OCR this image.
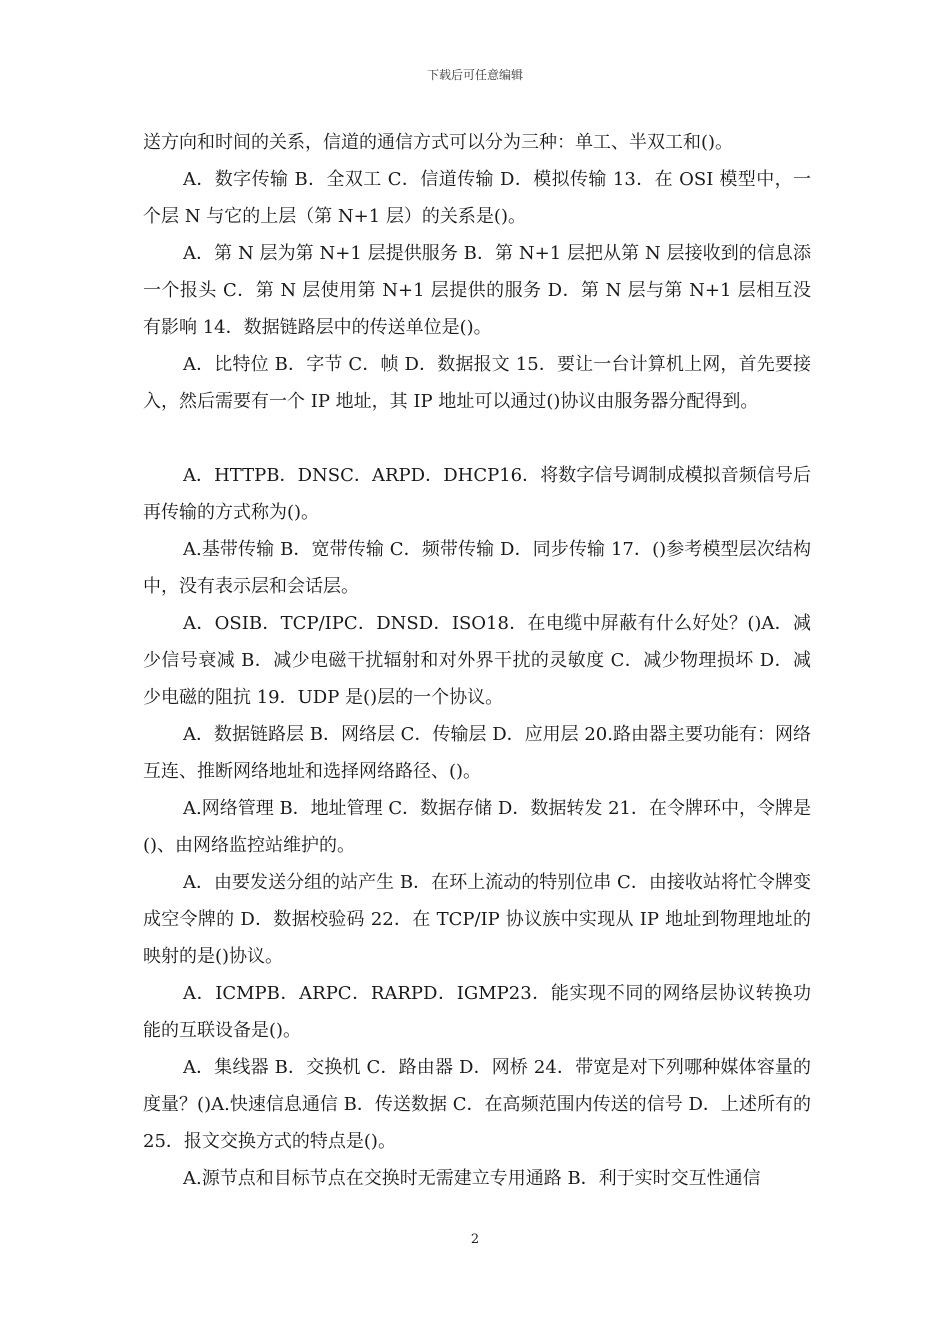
下载后可任意编辑

送方向和时间的关系，信道的通信方式可以分为三种：单工、半双工和()。

A．数字传输 B．全双工 C．信道传输 D．模拟传输 13．在 OSI 模型中，一个层 N 与它的上层（第 N+1 层）的关系是()。

A．第 N 层为第 N+1 层提供服务 B．第 N+1 层把从第 N 层接收到的信息添一个报头 C．第 N 层使用第 N+1 层提供的服务 D．第 N 层与第 N+1 层相互没有影响 14．数据链路层中的传送单位是()。

A．比特位 B．字节 C．帧 D．数据报文 15．要让一台计算机上网，首先要接入，然后需要有一个 IP 地址，其 IP 地址可以通过()协议由服务器分配得到。

A．HTTPB．DNSC．ARPD．DHCP16．将数字信号调制成模拟音频信号后再传输的方式称为()。

A.基带传输 B．宽带传输 C．频带传输 D．同步传输 17．()参考模型层次结构中，没有表示层和会话层。

A．OSIB．TCP/IPC．DNSD．ISO18．在电缆中屏蔽有什么好处？()A．减少信号衰减 B．减少电磁干扰辐射和对外界干扰的灵敏度 C．减少物理损坏 D．减少电磁的阻抗 19．UDP 是()层的一个协议。

A．数据链路层 B．网络层 C．传输层 D．应用层 20.路由器主要功能有：网络互连、推断网络地址和选择网络路径、()。

A.网络管理 B．地址管理 C．数据存储 D．数据转发 21．在令牌环中，令牌是()、由网络监控站维护的。

A．由要发送分组的站产生 B．在环上流动的特别位串 C．由接收站将忙令牌变成空令牌的 D．数据校验码 22．在 TCP/IP 协议族中实现从 IP 地址到物理地址的映射的是()协议。

A．ICMPB．ARPC．RARPD．IGMP23．能实现不同的网络层协议转换功能的互联设备是()。

A．集线器 B．交换机 C．路由器 D．网桥 24．带宽是对下列哪种媒体容量的度量？()A.快速信息通信 B．传送数据 C．在高频范围内传送的信号 D．上述所有的 25．报文交换方式的特点是()。

A.源节点和目标节点在交换时无需建立专用通路 B．利于实时交互性通信

2
